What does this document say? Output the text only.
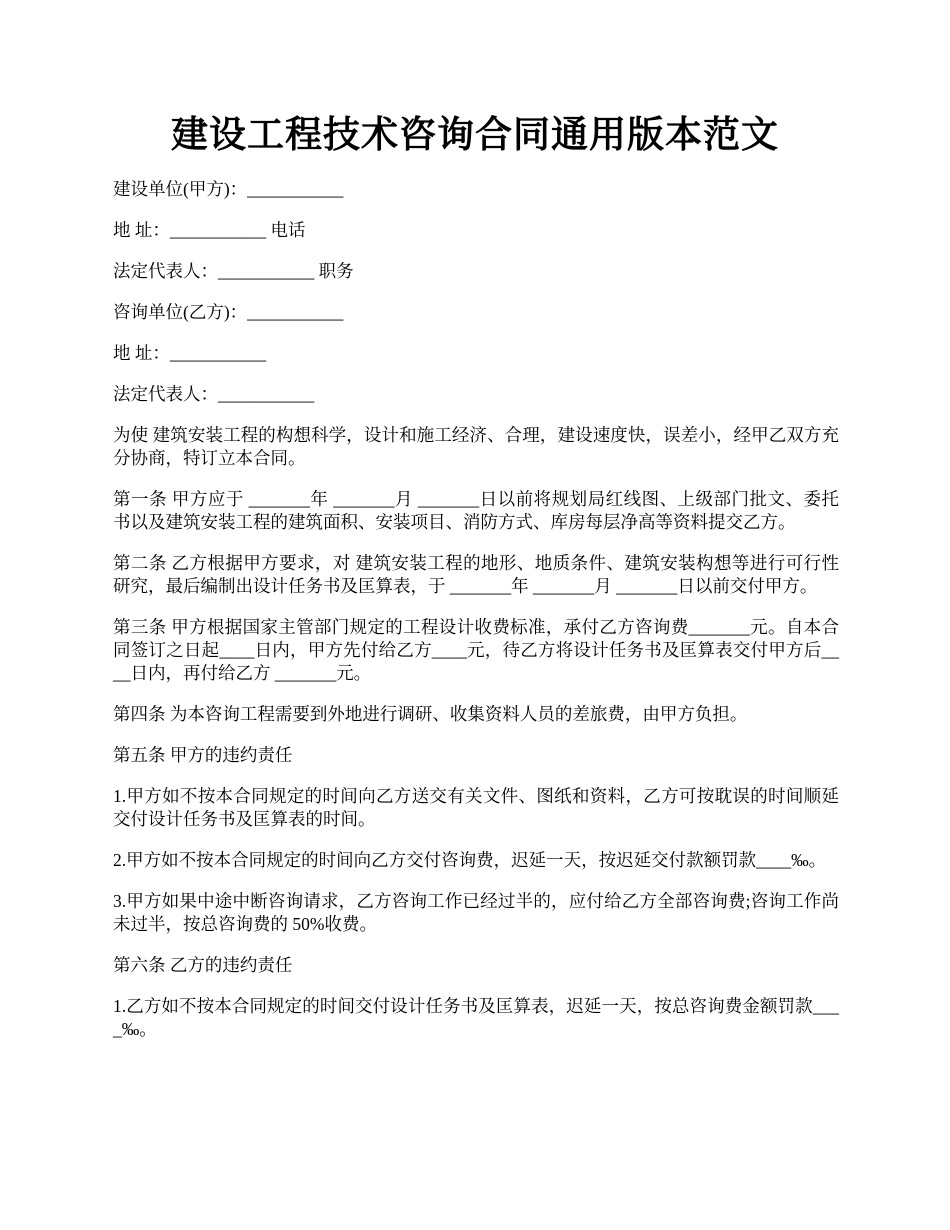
建设工程技术咨询合同通用版本范文

建设单位(甲方)：___________

地 址：___________ 电话

法定代表人：___________ 职务

咨询单位(乙方)：___________

地 址：___________

法定代表人：___________

为使 建筑安装工程的构想科学，设计和施工经济、合理，建设速度快，误差小，经甲乙双方充分协商，特订立本合同。

第一条 甲方应于 _______年 _______月 _______日以前将规划局红线图、上级部门批文、委托书以及建筑安装工程的建筑面积、安装项目、消防方式、库房每层净高等资料提交乙方。

第二条 乙方根据甲方要求，对 建筑安装工程的地形、地质条件、建筑安装构想等进行可行性研究，最后编制出设计任务书及匡算表，于 _______年 _______月 _______日以前交付甲方。

第三条 甲方根据国家主管部门规定的工程设计收费标准，承付乙方咨询费_______元。自本合同签订之日起____日内，甲方先付给乙方____元，待乙方将设计任务书及匡算表交付甲方后____日内，再付给乙方 _______元。

第四条 为本咨询工程需要到外地进行调研、收集资料人员的差旅费，由甲方负担。

第五条 甲方的违约责任

1.甲方如不按本合同规定的时间向乙方送交有关文件、图纸和资料，乙方可按耽误的时间顺延交付设计任务书及匡算表的时间。

2.甲方如不按本合同规定的时间向乙方交付咨询费，迟延一天，按迟延交付款额罚款____‰。

3.甲方如果中途中断咨询请求，乙方咨询工作已经过半的，应付给乙方全部咨询费;咨询工作尚未过半，按总咨询费的 50%收费。

第六条 乙方的违约责任

1.乙方如不按本合同规定的时间交付设计任务书及匡算表，迟延一天，按总咨询费金额罚款____‰。
